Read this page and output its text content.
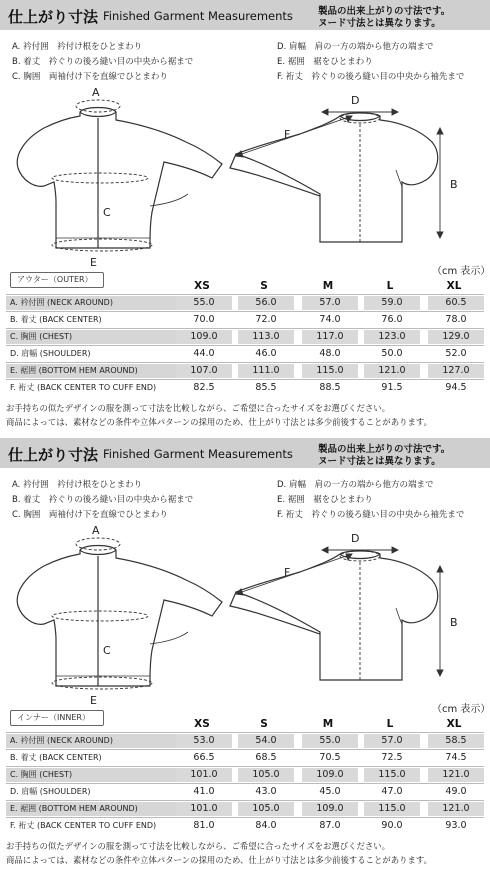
仕上がり寸法 Finished Garment Measurements	製品の出来上がりの寸法です。
ヌード寸法とは異なります。
A. 衿付囲　衿付け根をひとまわり
B. 着丈　衿ぐりの後ろ縫い目の中央から裾まで
C. 胸囲　両袖付け下を直線でひとまわり
D. 肩幅　肩の一方の端から他方の端まで
E. 裾囲　裾をひとまわり
F. 裄丈　衿ぐりの後ろ縫い目の中央から袖先まで
A
C
E
D
B
F
（cm 表示）
アウター（OUTER）
XS	S	M	L	XL
A. 衿付囲 (NECK AROUND)	55.0	56.0	57.0	59.0	60.5
B. 着丈 (BACK CENTER)	70.0	72.0	74.0	76.0	78.0
C. 胸囲 (CHEST)	109.0	113.0	117.0	123.0	129.0
D. 肩幅 (SHOULDER)	44.0	46.0	48.0	50.0	52.0
E. 裾囲 (BOTTOM HEM AROUND)	107.0	111.0	115.0	121.0	127.0
F. 裄丈 (BACK CENTER TO CUFF END)	82.5	85.5	88.5	91.5	94.5
お手持ちの似たデザインの服を測って寸法を比較しながら、ご希望に合ったサイズをお選びください。
商品によっては、素材などの条件や立体パターンの採用のため、仕上がり寸法とは多少前後することがあります。
仕上がり寸法 Finished Garment Measurements	製品の出来上がりの寸法です。
ヌード寸法とは異なります。
A. 衿付囲　衿付け根をひとまわり
B. 着丈　衿ぐりの後ろ縫い目の中央から裾まで
C. 胸囲　両袖付け下を直線でひとまわり
D. 肩幅　肩の一方の端から他方の端まで
E. 裾囲　裾をひとまわり
F. 裄丈　衿ぐりの後ろ縫い目の中央から袖先まで
A
C
E
D
B
F
（cm 表示）
インナー（INNER）
XS	S	M	L	XL
A. 衿付囲 (NECK AROUND)	53.0	54.0	55.0	57.0	58.5
B. 着丈 (BACK CENTER)	66.5	68.5	70.5	72.5	74.5
C. 胸囲 (CHEST)	101.0	105.0	109.0	115.0	121.0
D. 肩幅 (SHOULDER)	41.0	43.0	45.0	47.0	49.0
E. 裾囲 (BOTTOM HEM AROUND)	101.0	105.0	109.0	115.0	121.0
F. 裄丈 (BACK CENTER TO CUFF END)	81.0	84.0	87.0	90.0	93.0
お手持ちの似たデザインの服を測って寸法を比較しながら、ご希望に合ったサイズをお選びください。
商品によっては、素材などの条件や立体パターンの採用のため、仕上がり寸法とは多少前後することがあります。
